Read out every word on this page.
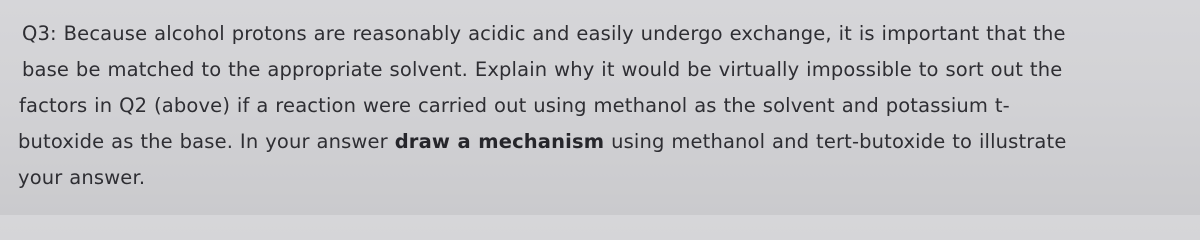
Q3: Because alcohol protons are reasonably acidic and easily undergo exchange, it is important that the
base be matched to the appropriate solvent. Explain why it would be virtually impossible to sort out the
factors in Q2 (above) if a reaction were carried out using methanol as the solvent and potassium t-
butoxide as the base. In your answer draw a mechanism using methanol and tert-butoxide to illustrate
your answer.
